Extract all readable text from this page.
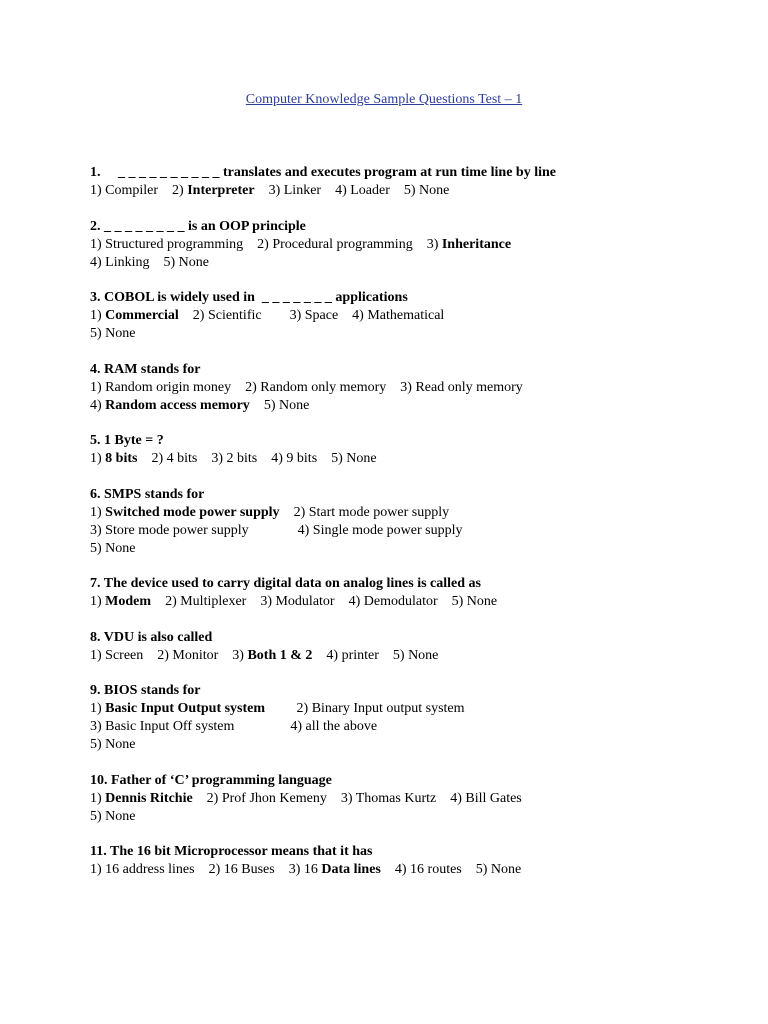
Computer Knowledge Sample Questions Test – 1
1.     _ _ _ _ _ _ _ _ _ _ translates and executes program at run time line by line
1) Compiler    2) Interpreter    3) Linker    4) Loader    5) None
2. _ _ _ _ _ _ _ _ is an OOP principle
1) Structured programming    2) Procedural programming    3) Inheritance
4) Linking    5) None
3. COBOL is widely used in  _ _ _ _ _ _ _ applications
1) Commercial    2) Scientific        3) Space    4) Mathematical
5) None
4. RAM stands for
1) Random origin money    2) Random only memory    3) Read only memory
4) Random access memory    5) None
5. 1 Byte = ?
1) 8 bits    2) 4 bits    3) 2 bits    4) 9 bits    5) None
6. SMPS stands for
1) Switched mode power supply    2) Start mode power supply
3) Store mode power supply              4) Single mode power supply
5) None
7. The device used to carry digital data on analog lines is called as
1) Modem    2) Multiplexer    3) Modulator    4) Demodulator    5) None
8. VDU is also called
1) Screen    2) Monitor    3) Both 1 & 2    4) printer    5) None
9. BIOS stands for
1) Basic Input Output system         2) Binary Input output system
3) Basic Input Off system                4) all the above
5) None
10. Father of ‘C’ programming language
1) Dennis Ritchie    2) Prof Jhon Kemeny    3) Thomas Kurtz    4) Bill Gates
5) None
11. The 16 bit Microprocessor means that it has
1) 16 address lines    2) 16 Buses    3) 16 Data lines    4) 16 routes    5) None
